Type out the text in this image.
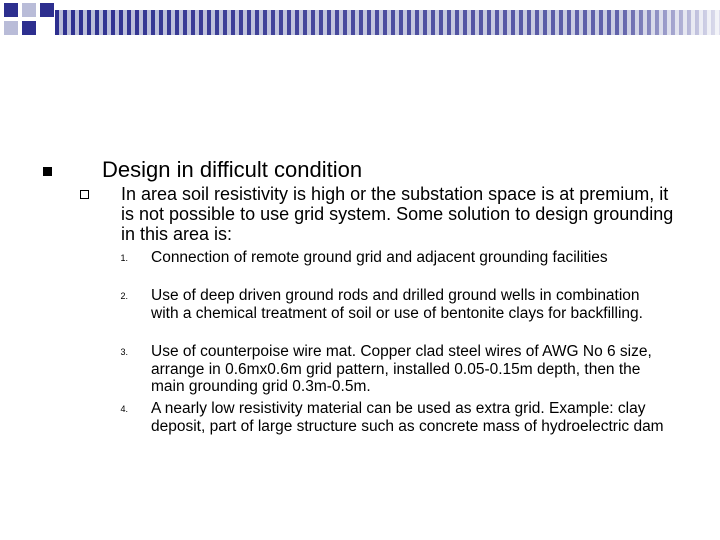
Design in difficult condition
In area soil resistivity is high or the substation space is at premium, it is not possible to use grid system. Some solution to design grounding in this area is:
1. Connection of remote ground grid and adjacent grounding facilities
2. Use of deep driven ground rods and drilled ground wells in combination with a chemical treatment of soil or use of bentonite clays for backfilling.
3. Use of counterpoise wire mat. Copper clad steel wires of AWG No 6 size, arrange in 0.6mx0.6m grid pattern, installed 0.05-0.15m depth, then the main grounding grid 0.3m-0.5m.
4. A nearly low resistivity material can be used as extra grid. Example: clay deposit, part of large structure such as concrete mass of hydroelectric dam
